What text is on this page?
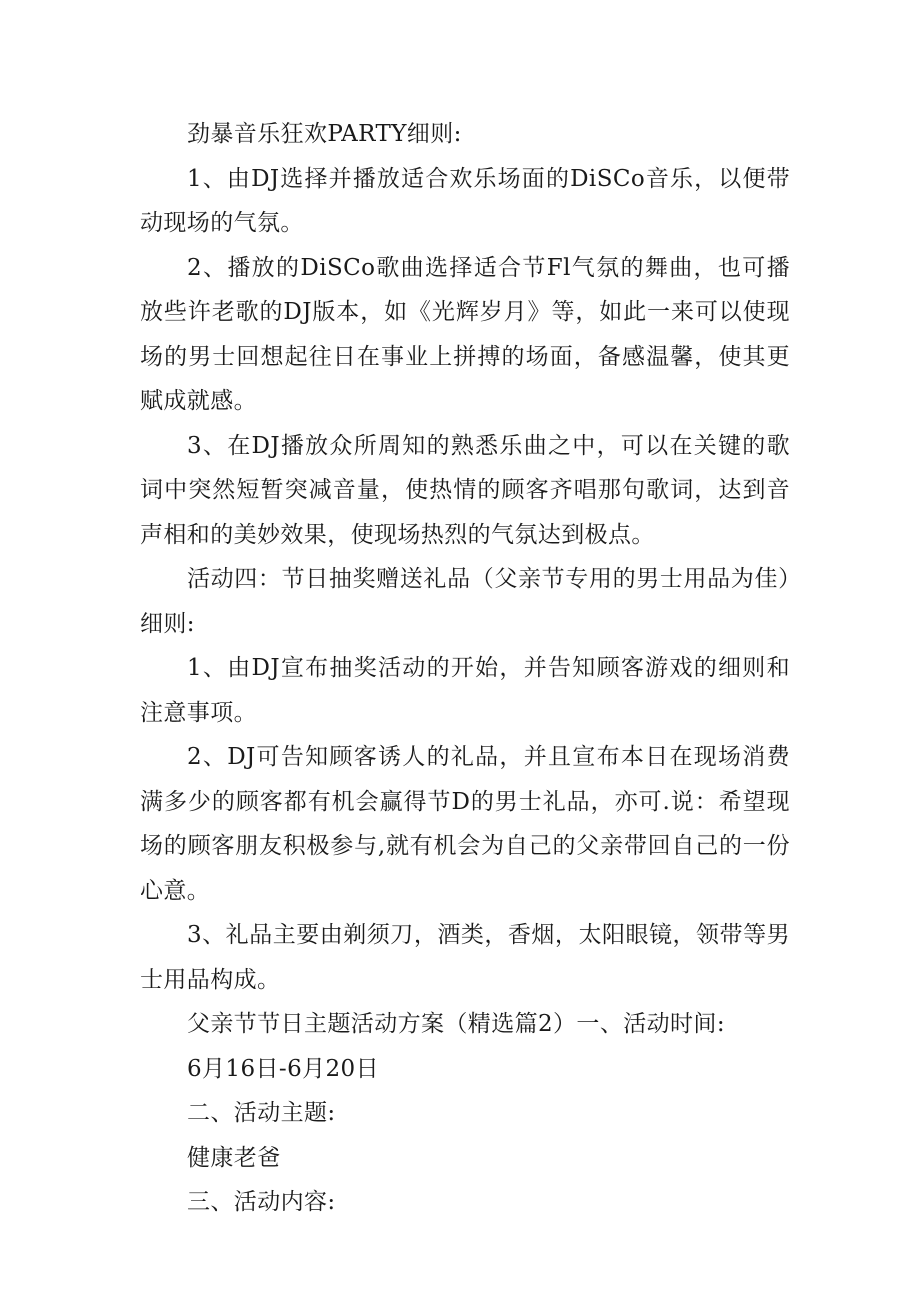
劲暴音乐狂欢PARTY细则:

1、由DJ选择并播放适合欢乐场面的DiSCo音乐，以便带动现场的气氛。

2、播放的DiSCo歌曲选择适合节Fl气氛的舞曲，也可播放些许老歌的DJ版本，如《光辉岁月》等，如此一来可以使现场的男士回想起往日在事业上拼搏的场面，备感温馨，使其更赋成就感。

3、在DJ播放众所周知的熟悉乐曲之中，可以在关键的歌词中突然短暂突减音量，使热情的顾客齐唱那句歌词，达到音声相和的美妙效果，使现场热烈的气氛达到极点。

活动四：节日抽奖赠送礼品（父亲节专用的男士用品为佳）细则:

1、由DJ宣布抽奖活动的开始，并告知顾客游戏的细则和注意事项。

2、DJ可告知顾客诱人的礼品，并且宣布本日在现场消费满多少的顾客都有机会赢得节D的男士礼品，亦可.说：希望现场的顾客朋友积极参与,就有机会为自己的父亲带回自己的一份心意。

3、礼品主要由剃须刀，酒类，香烟，太阳眼镜，领带等男士用品构成。

父亲节节日主题活动方案（精选篇2）一、活动时间:

6月16日-6月20日

二、活动主题:

健康老爸

三、活动内容:
